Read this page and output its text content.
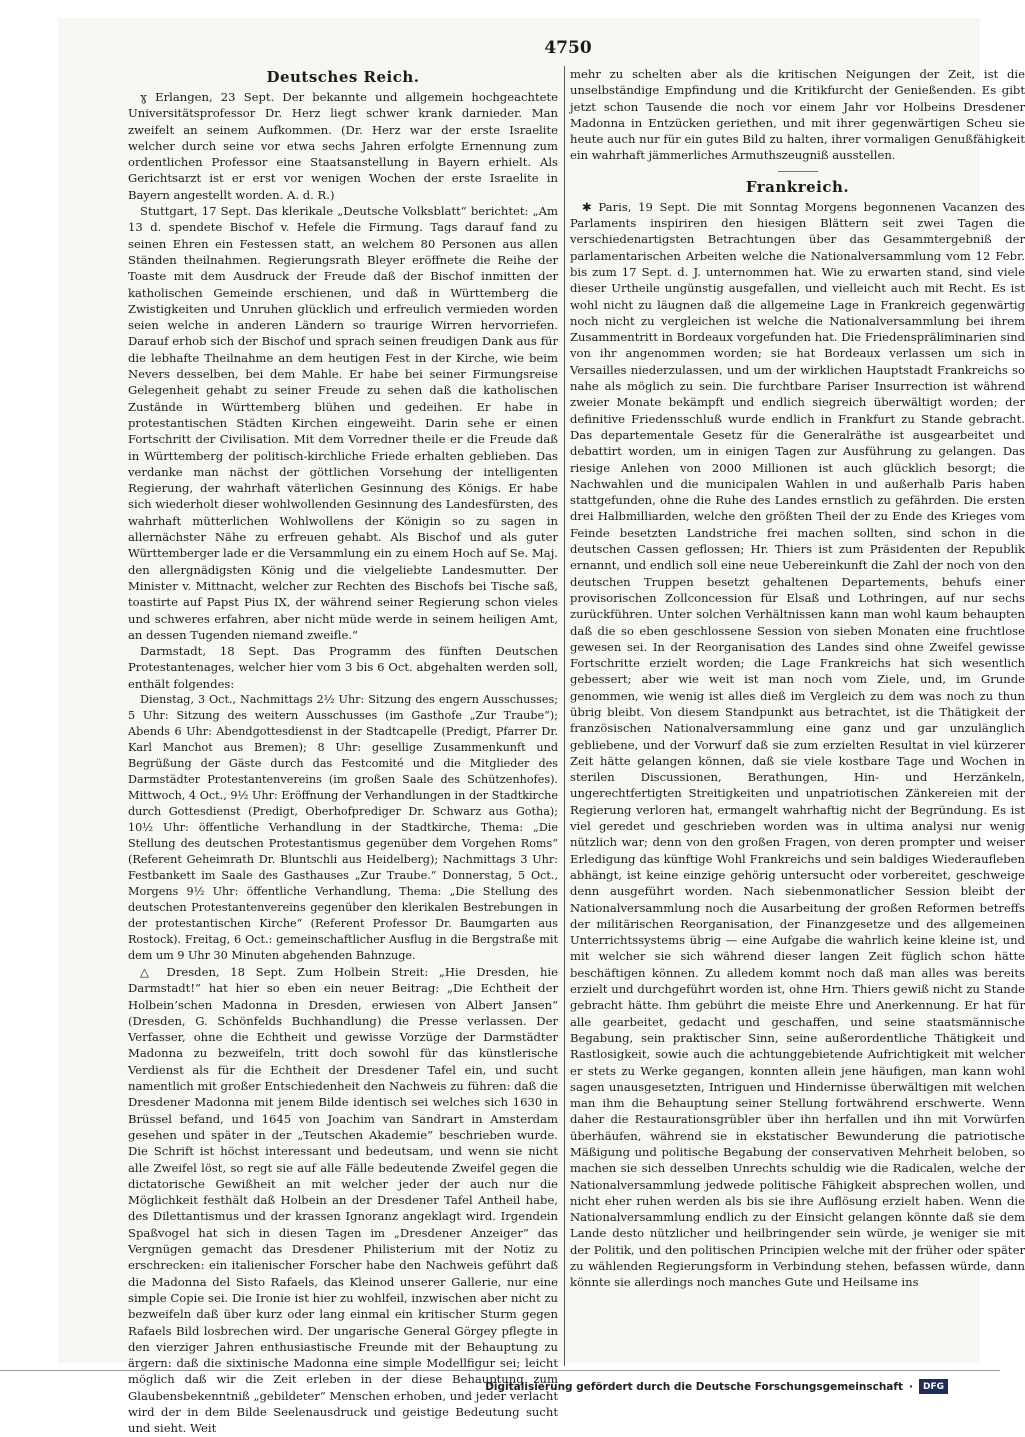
4750
Deutsches Reich.

ɣ Erlangen, 23 Sept. Der bekannte und allgemein hochgeachtete Universitätsprofessor Dr. Herz liegt schwer krank darnieder. Man zweifelt an seinem Aufkommen. (Dr. Herz war der erste Israelite welcher durch seine vor etwa sechs Jahren erfolgte Ernennung zum ordentlichen Professor eine Staatsanstellung in Bayern erhielt. Als Gerichtsarzt ist er erst vor wenigen Wochen der erste Israelite in Bayern angestellt worden. A. d. R.)

Stuttgart, 17 Sept. Das klerikale „Deutsche Volksblatt“ berichtet: „Am 13 d. spendete Bischof v. Hefele die Firmung. Tags darauf fand zu seinen Ehren ein Festessen statt, an welchem 80 Personen aus allen Ständen theilnahmen. Regierungsrath Bleyer eröffnete die Reihe der Toaste mit dem Ausdruck der Freude daß der Bischof inmitten der katholischen Gemeinde erschienen, und daß in Württemberg die Zwistigkeiten und Unruhen glücklich und erfreulich vermieden worden seien welche in anderen Ländern so traurige Wirren hervorriefen. Darauf erhob sich der Bischof und sprach seinen freudigen Dank aus für die lebhafte Theilnahme an dem heutigen Fest in der Kirche, wie beim Nevers desselben, bei dem Mahle. Er habe bei seiner Firmungsreise Gelegenheit gehabt zu seiner Freude zu sehen daß die katholischen Zustände in Württemberg blühen und gedeihen. Er habe in protestantischen Städten Kirchen eingeweiht. Darin sehe er einen Fortschritt der Civilisation. Mit dem Vorredner theile er die Freude daß in Württemberg der politisch-kirchliche Friede erhalten geblieben. Das verdanke man nächst der göttlichen Vorsehung der intelligenten Regierung, der wahrhaft väterlichen Gesinnung des Königs. Er habe sich wiederholt dieser wohlwollenden Gesinnung des Landesfürsten, des wahrhaft mütterlichen Wohlwollens der Königin so zu sagen in allernächster Nähe zu erfreuen gehabt. Als Bischof und als guter Württemberger lade er die Versammlung ein zu einem Hoch auf Se. Maj. den allergnädigsten König und die vielgeliebte Landesmutter. Der Minister v. Mittnacht, welcher zur Rechten des Bischofs bei Tische saß, toastirte auf Papst Pius IX, der während seiner Regierung schon vieles und schweres erfahren, aber nicht müde werde in seinem heiligen Amt, an dessen Tugenden niemand zweifle.“

Darmstadt, 18 Sept. Das Programm des fünften Deutschen Protestantenages, welcher hier vom 3 bis 6 Oct. abgehalten werden soll, enthält folgendes:

Dienstag, 3 Oct., Nachmittags 2½ Uhr: Sitzung des engern Ausschusses; 5 Uhr: Sitzung des weitern Ausschusses (im Gasthofe „Zur Traube“); Abends 6 Uhr: Abendgottesdienst in der Stadtcapelle (Predigt, Pfarrer Dr. Karl Manchot aus Bremen); 8 Uhr: gesellige Zusammenkunft und Begrüßung der Gäste durch das Festcomité und die Mitglieder des Darmstädter Protestantenvereins (im großen Saale des Schützenhofes). Mittwoch, 4 Oct., 9½ Uhr: Eröffnung der Verhandlungen in der Stadtkirche durch Gottesdienst (Predigt, Oberhofprediger Dr. Schwarz aus Gotha); 10½ Uhr: öffentliche Verhandlung in der Stadtkirche, Thema: „Die Stellung des deutschen Protestantismus gegenüber dem Vorgehen Roms“ (Referent Geheimrath Dr. Bluntschli aus Heidelberg); Nachmittags 3 Uhr: Festbankett im Saale des Gasthauses „Zur Traube.“ Donnerstag, 5 Oct., Morgens 9½ Uhr: öffentliche Verhandlung, Thema: „Die Stellung des deutschen Protestantenvereins gegenüber den klerikalen Bestrebungen in der protestantischen Kirche“ (Referent Professor Dr. Baumgarten aus Rostock). Freitag, 6 Oct.: gemeinschaftlicher Ausflug in die Bergstraße mit dem um 9 Uhr 30 Minuten abgehenden Bahnzuge.

△ Dresden, 18 Sept. Zum Holbein Streit: „Hie Dresden, hie Darmstadt!“ hat hier so eben ein neuer Beitrag: „Die Echtheit der Holbein’schen Madonna in Dresden, erwiesen von Albert Jansen“ (Dresden, G. Schönfelds Buchhandlung) die Presse verlassen. Der Verfasser, ohne die Echtheit und gewisse Vorzüge der Darmstädter Madonna zu bezweifeln, tritt doch sowohl für das künstlerische Verdienst als für die Echtheit der Dresdener Tafel ein, und sucht namentlich mit großer Entschiedenheit den Nachweis zu führen: daß die Dresdener Madonna mit jenem Bilde identisch sei welches sich 1630 in Brüssel befand, und 1645 von Joachim van Sandrart in Amsterdam gesehen und später in der „Teutschen Akademie“ beschrieben wurde. Die Schrift ist höchst interessant und bedeutsam, und wenn sie nicht alle Zweifel löst, so regt sie auf alle Fälle bedeutende Zweifel gegen die dictatorische Gewißheit an mit welcher jeder der auch nur die Möglichkeit festhält daß Holbein an der Dresdener Tafel Antheil habe, des Dilettantismus und der krassen Ignoranz angeklagt wird. Irgendein Spaßvogel hat sich in diesen Tagen im „Dresdener Anzeiger“ das Vergnügen gemacht das Dresdener Philisterium mit der Notiz zu erschrecken: ein italienischer Forscher habe den Nachweis geführt daß die Madonna del Sisto Rafaels, das Kleinod unserer Gallerie, nur eine simple Copie sei. Die Ironie ist hier zu wohlfeil, inzwischen aber nicht zu bezweifeln daß über kurz oder lang einmal ein kritischer Sturm gegen Rafaels Bild losbrechen wird. Der ungarische General Görgey pflegte in den vierziger Jahren enthusiastische Freunde mit der Behauptung zu ärgern: daß die sixtinische Madonna eine simple Modellfigur sei; leicht möglich daß wir die Zeit erleben in der diese Behauptung zum Glaubensbekenntniß „gebildeter“ Menschen erhoben, und jeder verlacht wird der in dem Bilde Seelenausdruck und geistige Bedeutung sucht und sieht. Weit

mehr zu schelten aber als die kritischen Neigungen der Zeit, ist die unselbständige Empfindung und die Kritikfurcht der Genießenden. Es gibt jetzt schon Tausende die noch vor einem Jahr vor Holbeins Dresdener Madonna in Entzücken geriethen, und mit ihrer gegenwärtigen Scheu sie heute auch nur für ein gutes Bild zu halten, ihrer vormaligen Genußfähigkeit ein wahrhaft jämmerliches Armuthszeugniß ausstellen.

Frankreich.

✱ Paris, 19 Sept. Die mit Sonntag Morgens begonnenen Vacanzen des Parlaments inspiriren den hiesigen Blättern seit zwei Tagen die verschiedenartigsten Betrachtungen über das Gesammtergebniß der parlamentarischen Arbeiten welche die Nationalversammlung vom 12 Febr. bis zum 17 Sept. d. J. unternommen hat. Wie zu erwarten stand, sind viele dieser Urtheile ungünstig ausgefallen, und vielleicht auch mit Recht. Es ist wohl nicht zu läugnen daß die allgemeine Lage in Frankreich gegenwärtig noch nicht zu vergleichen ist welche die Nationalversammlung bei ihrem Zusammentritt in Bordeaux vorgefunden hat. Die Friedenspräliminarien sind von ihr angenommen worden; sie hat Bordeaux verlassen um sich in Versailles niederzulassen, und um der wirklichen Hauptstadt Frankreichs so nahe als möglich zu sein. Die furchtbare Pariser Insurrection ist während zweier Monate bekämpft und endlich siegreich überwältigt worden; der definitive Friedensschluß wurde endlich in Frankfurt zu Stande gebracht. Das departementale Gesetz für die Generalräthe ist ausgearbeitet und debattirt worden, um in einigen Tagen zur Ausführung zu gelangen. Das riesige Anlehen von 2000 Millionen ist auch glücklich besorgt; die Nachwahlen und die municipalen Wahlen in und außerhalb Paris haben stattgefunden, ohne die Ruhe des Landes ernstlich zu gefährden. Die ersten drei Halbmilliarden, welche den größten Theil der zu Ende des Krieges vom Feinde besetzten Landstriche frei machen sollten, sind schon in die deutschen Cassen geflossen; Hr. Thiers ist zum Präsidenten der Republik ernannt, und endlich soll eine neue Uebereinkunft die Zahl der noch von den deutschen Truppen besetzt gehaltenen Departements, behufs einer provisorischen Zollconcession für Elsaß und Lothringen, auf nur sechs zurückführen. Unter solchen Verhältnissen kann man wohl kaum behaupten daß die so eben geschlossene Session von sieben Monaten eine fruchtlose gewesen sei. In der Reorganisation des Landes sind ohne Zweifel gewisse Fortschritte erzielt worden; die Lage Frankreichs hat sich wesentlich gebessert; aber wie weit ist man noch vom Ziele, und, im Grunde genommen, wie wenig ist alles dieß im Vergleich zu dem was noch zu thun übrig bleibt. Von diesem Standpunkt aus betrachtet, ist die Thätigkeit der französischen Nationalversammlung eine ganz und gar unzulänglich gebliebene, und der Vorwurf daß sie zum erzielten Resultat in viel kürzerer Zeit hätte gelangen können, daß sie viele kostbare Tage und Wochen in sterilen Discussionen, Berathungen, Hin- und Herzänkeln, ungerechtfertigten Streitigkeiten und unpatriotischen Zänkereien mit der Regierung verloren hat, ermangelt wahrhaftig nicht der Begründung. Es ist viel geredet und geschrieben worden was in ultima analysi nur wenig nützlich war; denn von den großen Fragen, von deren prompter und weiser Erledigung das künftige Wohl Frankreichs und sein baldiges Wiederaufleben abhängt, ist keine einzige gehörig untersucht oder vorbereitet, geschweige denn ausgeführt worden. Nach siebenmonatlicher Session bleibt der Nationalversammlung noch die Ausarbeitung der großen Reformen betreffs der militärischen Reorganisation, der Finanzgesetze und des allgemeinen Unterrichtssystems übrig — eine Aufgabe die wahrlich keine kleine ist, und mit welcher sie sich während dieser langen Zeit füglich schon hätte beschäftigen können. Zu alledem kommt noch daß man alles was bereits erzielt und durchgeführt worden ist, ohne Hrn. Thiers gewiß nicht zu Stande gebracht hätte. Ihm gebührt die meiste Ehre und Anerkennung. Er hat für alle gearbeitet, gedacht und geschaffen, und seine staatsmännische Begabung, sein praktischer Sinn, seine außerordentliche Thätigkeit und Rastlosigkeit, sowie auch die achtunggebietende Aufrichtigkeit mit welcher er stets zu Werke gegangen, konnten allein jene häufigen, man kann wohl sagen unausgesetzten, Intriguen und Hindernisse überwältigen mit welchen man ihm die Behauptung seiner Stellung fortwährend erschwerte. Wenn daher die Restaurationsgrübler über ihn herfallen und ihn mit Vorwürfen überhäufen, während sie in ekstatischer Bewunderung die patriotische Mäßigung und politische Begabung der conservativen Mehrheit beloben, so machen sie sich desselben Unrechts schuldig wie die Radicalen, welche der Nationalversammlung jedwede politische Fähigkeit absprechen wollen, und nicht eher ruhen werden als bis sie ihre Auflösung erzielt haben. Wenn die Nationalversammlung endlich zu der Einsicht gelangen könnte daß sie dem Lande desto nützlicher und heilbringender sein würde, je weniger sie mit der Politik, und den politischen Principien welche mit der früher oder später zu wählenden Regierungsform in Verbindung stehen, befassen würde, dann könnte sie allerdings noch manches Gute und Heilsame ins

Digitalisierung gefördert durch die Deutsche Forschungsgemeinschaft ·	DFG
